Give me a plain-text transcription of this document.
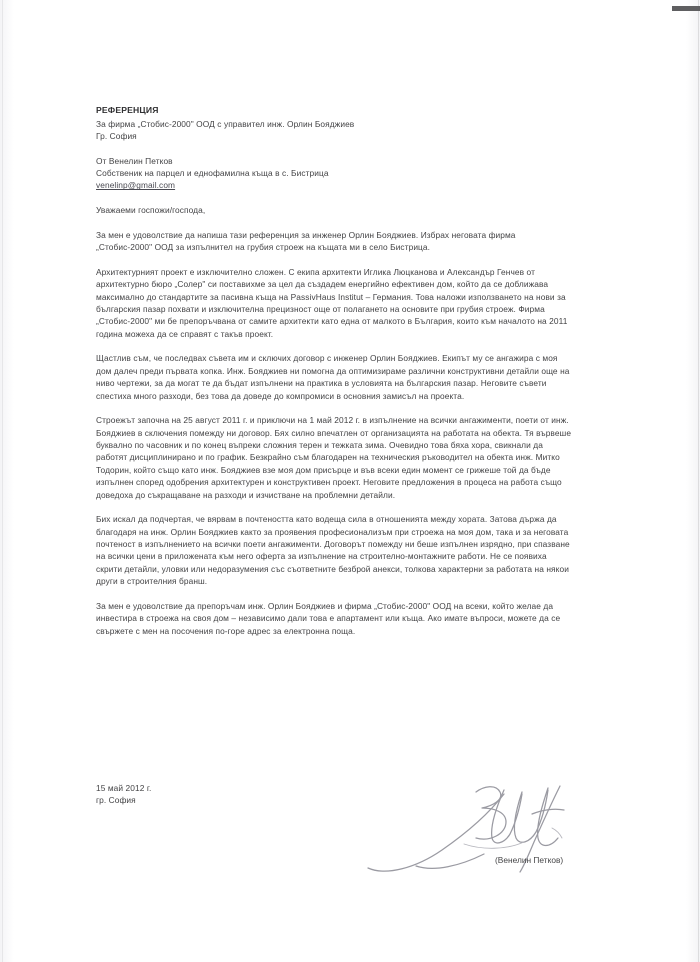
РЕФЕРЕНЦИЯ
За фирма „Стобис-2000" ООД с управител инж. Орлин Бояджиев
Гр. София
От Венелин Петков
Собственик на парцел и еднофамилна къща в с. Бистрица
venelinp@gmail.com

Уважаеми госпожи/господа,

За мен е удоволствие да напиша тази референция за инженер Орлин Бояджиев. Избрах неговата фирма „Стобис-2000" ООД за изпълнител на грубия строеж на къщата ми в село Бистрица.

Архитектурният проект е изключително сложен. С екипа архитекти Иглика Люцканова и Александър Генчев от архитектурно бюро „Солер" си поставихме за цел да създадем енергийно ефективен дом, който да се доближава максимално до стандартите за пасивна къща на PassivHaus Institut – Германия. Това наложи използването на нови за българския пазар похвати и изключителна прецизност още от полагането на основите при грубия строеж. Фирма „Стобис-2000" ми бе препоръчвана от самите архитекти като една от малкото в България, които към началото на 2011 година можеха да се справят с такъв проект.

Щастлив съм, че последвах съвета им и сключих договор с инженер Орлин Бояджиев. Екипът му се ангажира с моя дом далеч преди първата копка. Инж. Бояджиев ни помогна да оптимизираме различни конструктивни детайли още на ниво чертежи, за да могат те да бъдат изпълнени на практика в условията на българския пазар. Неговите съвети спестиха много разходи, без това да доведе до компромиси в основния замисъл на проекта.

Строежът започна на 25 август 2011 г. и приключи на 1 май 2012 г. в изпълнение на всички ангажименти, поети от инж. Бояджиев в сключения помежду ни договор. Бях силно впечатлен от организацията на работата на обекта. Тя вървеше буквално по часовник и по конец въпреки сложния терен и тежката зима. Очевидно това бяха хора, свикнали да работят дисциплинирано и по график. Безкрайно съм благодарен на техническия ръководител на обекта инж. Митко Тодорин, който също като инж. Бояджиев взе моя дом присърце и във всеки един момент се грижеше той да бъде изпълнен според одобрения архитектурен и конструктивен проект. Неговите предложения в процеса на работа също доведоха до съкращаване на разходи и изчистване на проблемни детайли.

Бих искал да подчертая, че вярвам в почтеността като водеща сила в отношенията между хората. Затова държа да благодаря на инж. Орлин Бояджиев както за проявения професионализъм при строежа на моя дом, така и за неговата почтеност в изпълнението на всички поети ангажименти. Договорът помежду ни беше изпълнен изрядно, при спазване на всички цени в приложената към него оферта за изпълнение на строително-монтажните работи. Не се появиха скрити детайли, уловки или недоразумения със съответните безброй анекси, толкова характерни за работата на някои други в строителния бранш.

За мен е удоволствие да препоръчам инж. Орлин Бояджиев и фирма „Стобис-2000" ООД на всеки, който желае да инвестира в строежа на своя дом – независимо дали това е апартамент или къща. Ако имате въпроси, можете да се свържете с мен на посочения по-горе адрес за електронна поща.

15 май 2012 г.
гр. София
(Венелин Петков)
